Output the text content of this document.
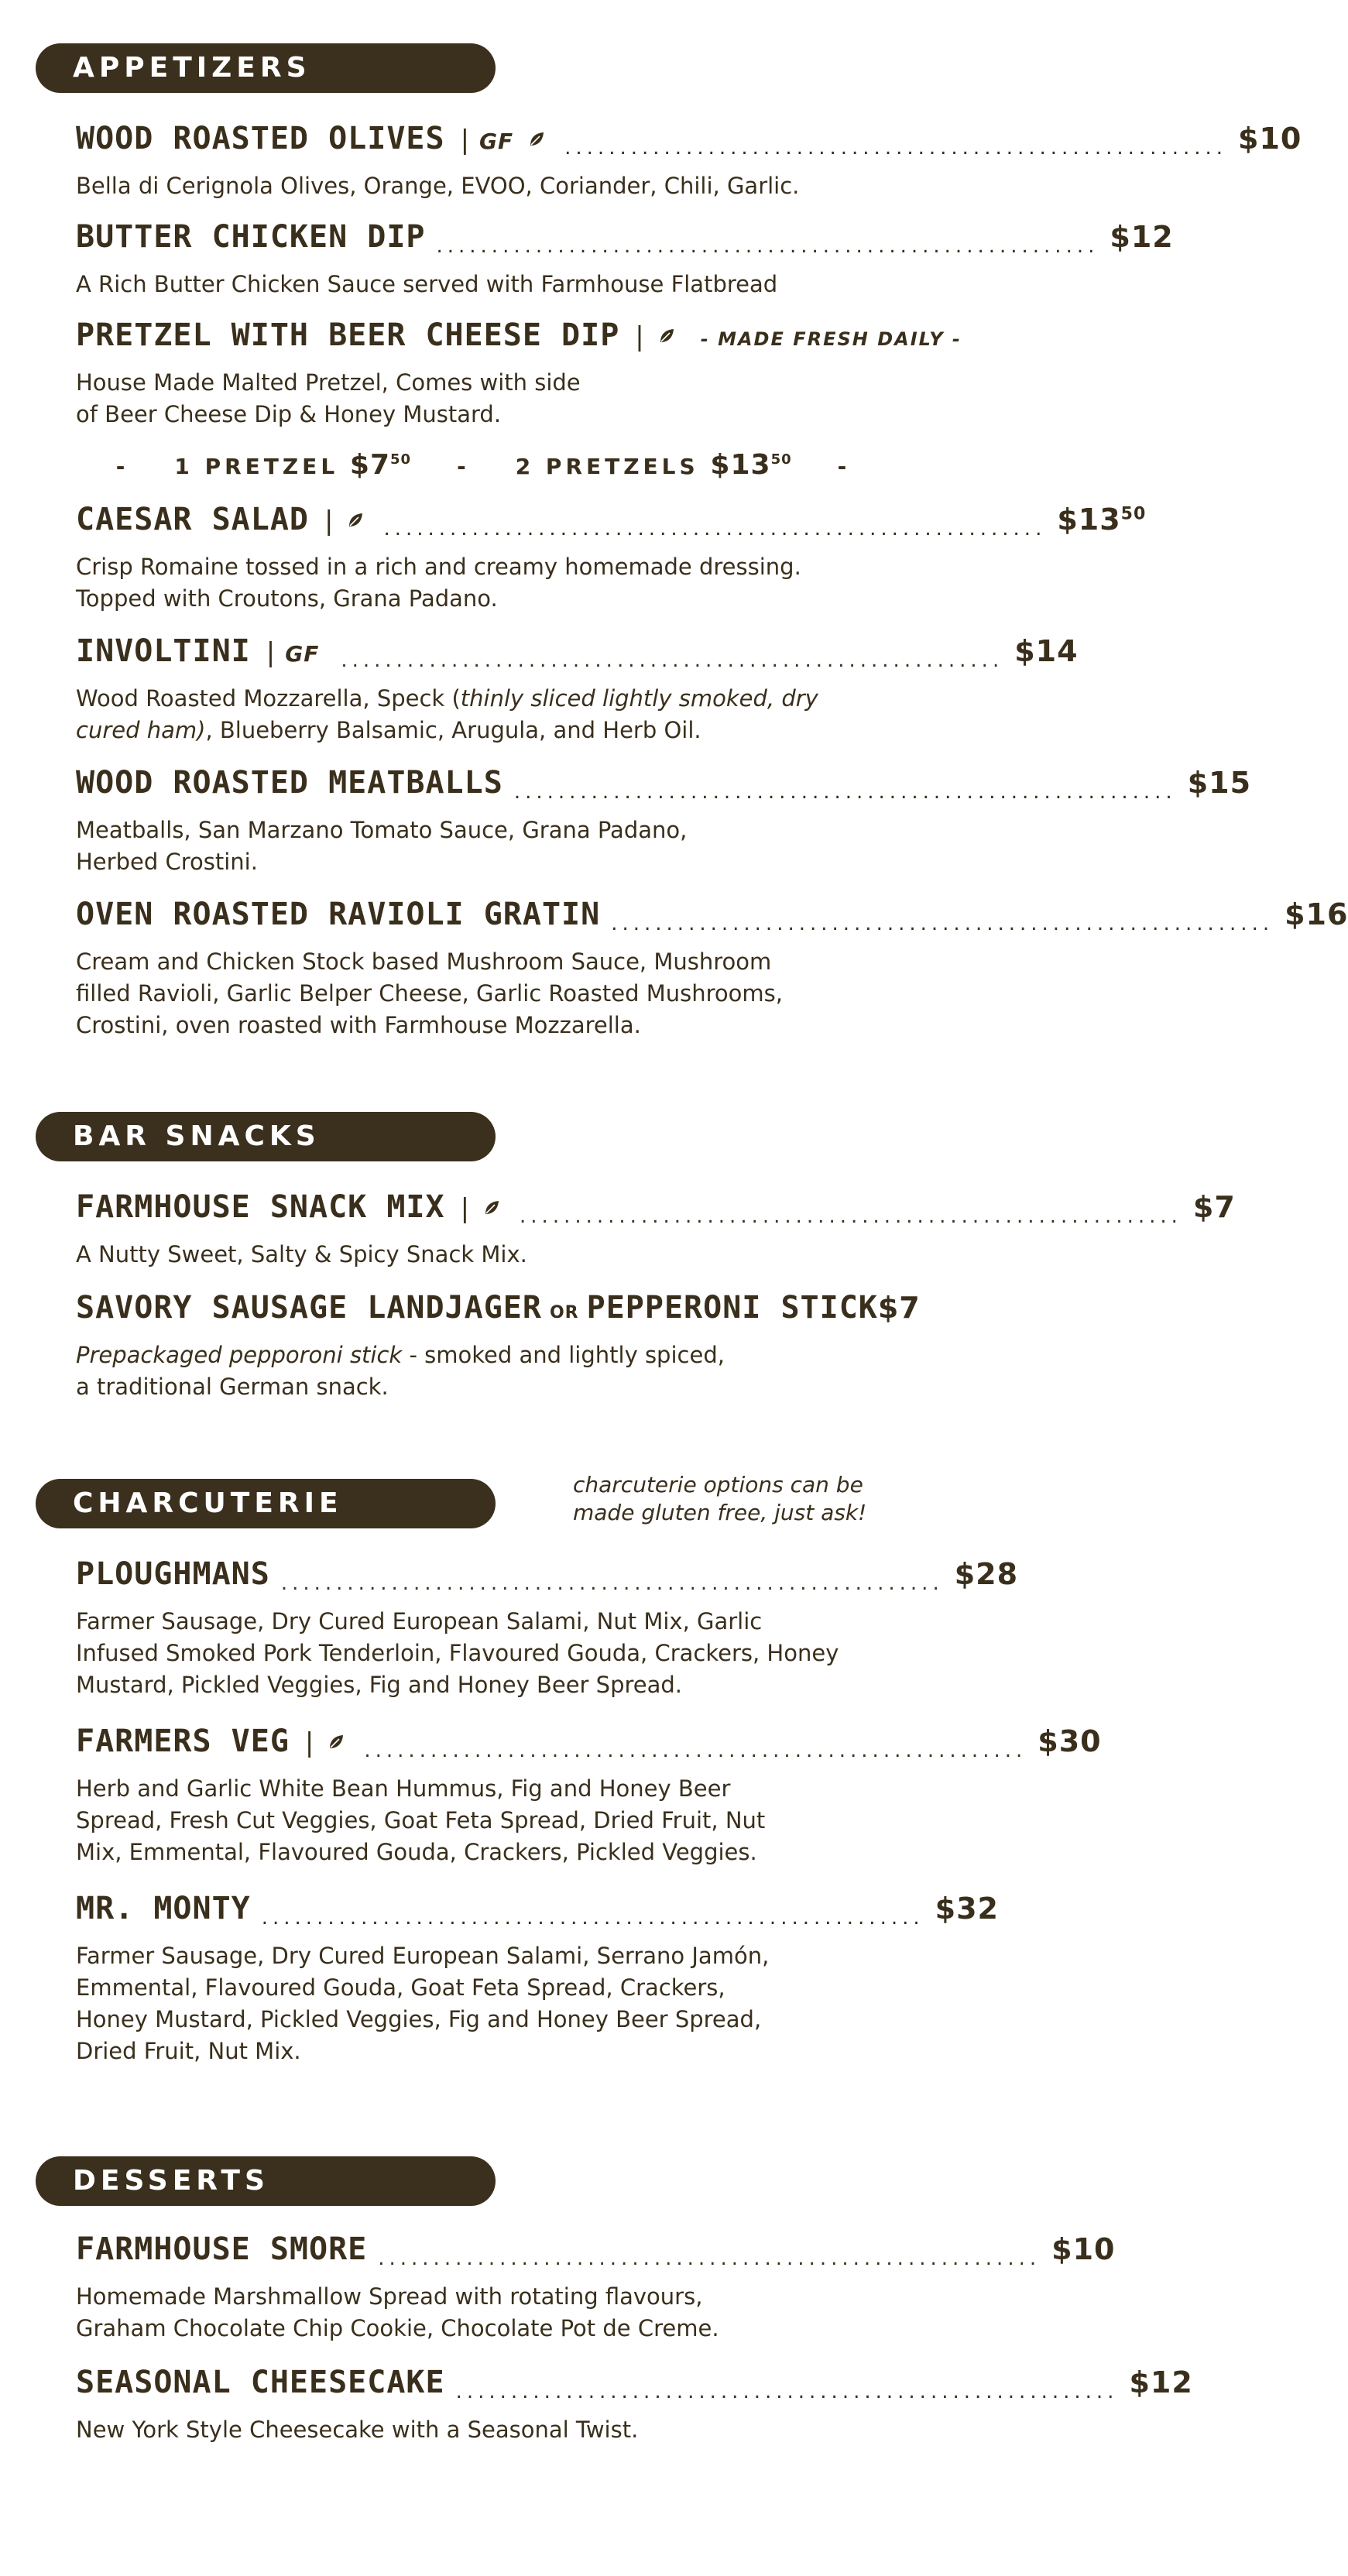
APPETIZERS
WOOD ROASTED OLIVES | GF	............................................................ $10
Bella di Cerignola Olives, Orange, EVOO, Coriander, Chili, Garlic.
BUTTER CHICKEN DIP ............................................................ $12
A Rich Butter Chicken Sauce served with Farmhouse Flatbread
PRETZEL WITH BEER CHEESE DIP |	- MADE FRESH DAILY -
House Made Malted Pretzel, Comes with side
of Beer Cheese Dip & Honey Mustard.
-    1 PRETZEL $\$7^{50}$    -    2 PRETZELS $\$13^{50}$    -
CAESAR SALAD | ............................................................ $\$13^{50}$
Crisp Romaine tossed in a rich and creamy homemade dressing.
Topped with Croutons, Grana Padano.
INVOLTINI | GF ............................................................ $14
Wood Roasted Mozzarella, Speck (thinly sliced lightly smoked, dry
cured ham), Blueberry Balsamic, Arugula, and Herb Oil.
WOOD ROASTED MEATBALLS ............................................................ $15
Meatballs, San Marzano Tomato Sauce, Grana Padano,
Herbed Crostini.
OVEN ROASTED RAVIOLI GRATIN ............................................................ $16
Cream and Chicken Stock based Mushroom Sauce, Mushroom
filled Ravioli, Garlic Belper Cheese, Garlic Roasted Mushrooms,
Crostini, oven roasted with Farmhouse Mozzarella.
BAR SNACKS
FARMHOUSE SNACK MIX | ............................................................ $7
A Nutty Sweet, Salty & Spicy Snack Mix.
SAVORY SAUSAGE LANDJAGER OR PEPPERONI STICK $7
Prepackaged pepporoni stick - smoked and lightly spiced,
a traditional German snack.
CHARCUTERIE
charcuterie options can be
made gluten free, just ask!
PLOUGHMANS ............................................................ $28
Farmer Sausage, Dry Cured European Salami, Nut Mix, Garlic
Infused Smoked Pork Tenderloin, Flavoured Gouda, Crackers, Honey
Mustard, Pickled Veggies, Fig and Honey Beer Spread.
FARMERS VEG | ............................................................ $30
Herb and Garlic White Bean Hummus, Fig and Honey Beer
Spread, Fresh Cut Veggies, Goat Feta Spread, Dried Fruit, Nut
Mix, Emmental, Flavoured Gouda, Crackers, Pickled Veggies.
MR. MONTY ............................................................ $32
Farmer Sausage, Dry Cured European Salami, Serrano Jamón,
Emmental, Flavoured Gouda, Goat Feta Spread, Crackers,
Honey Mustard, Pickled Veggies, Fig and Honey Beer Spread,
Dried Fruit, Nut Mix.
DESSERTS
FARMHOUSE SMORE ............................................................ $10
Homemade Marshmallow Spread with rotating flavours,
Graham Chocolate Chip Cookie, Chocolate Pot de Creme.
SEASONAL CHEESECAKE ............................................................ $12
New York Style Cheesecake with a Seasonal Twist.
